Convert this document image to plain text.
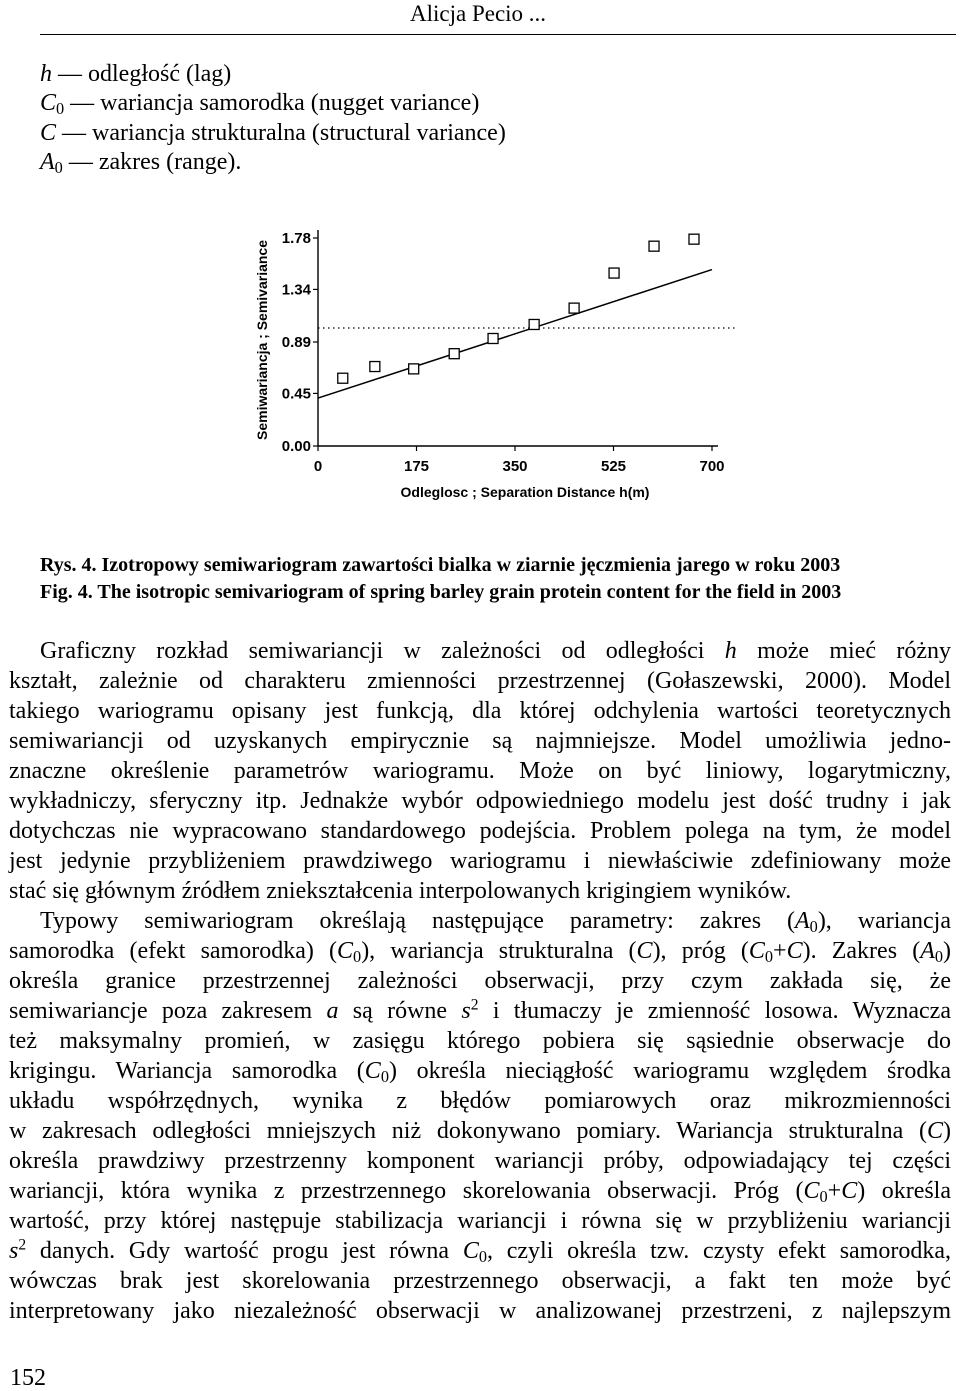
Alicja Pecio ...
h — odległość (lag)
$C_0$ — wariancja samorodka (nugget variance)
C — wariancja strukturalna (structural variance)
$A_0$ — zakres (range).
1.78
1.34
0.89
0.45
0.00
0	175	350	525	700
Odleglosc ; Separation Distance h(m)
Semiwariancja ; Semivariance
Rys. 4. Izotropowy semiwariogram zawartości bialka w ziarnie jęczmienia jarego w roku 2003
Fig. 4. The isotropic semivariogram of spring barley grain protein content for the field in 2003
Graficzny rozkład semiwariancji w zależności od odległości h może mieć różny
kształt, zależnie od charakteru zmienności przestrzennej (Gołaszewski, 2000). Model
takiego wariogramu opisany jest funkcją, dla której odchylenia wartości teoretycznych
semiwariancji od uzyskanych empirycznie są najmniejsze. Model umożliwia jedno-
znaczne określenie parametrów wariogramu. Może on być liniowy, logarytmiczny,
wykładniczy, sferyczny itp. Jednakże wybór odpowiedniego modelu jest dość trudny i jak
dotychczas nie wypracowano standardowego podejścia. Problem polega na tym, że model
jest jedynie przybliżeniem prawdziwego wariogramu i niewłaściwie zdefiniowany może
stać się głównym źródłem zniekształcenia interpolowanych krigingiem wyników.
Typowy semiwariogram określają następujące parametry: zakres $(A_0)$, wariancja
samorodka (efekt samorodka) $(C_0)$, wariancja strukturalna (C), próg $(C_0+C)$. Zakres $(A_0)$
określa granice przestrzennej zależności obserwacji, przy czym zakłada się, że
semiwariancje poza zakresem a są równe $s^2$ i tłumaczy je zmienność losowa. Wyznacza
też maksymalny promień, w zasięgu którego pobiera się sąsiednie obserwacje do
krigingu. Wariancja samorodka $(C_0)$ określa nieciągłość wariogramu względem środka
układu współrzędnych, wynika z błędów pomiarowych oraz mikrozmienności
w zakresach odległości mniejszych niż dokonywano pomiary. Wariancja strukturalna (C)
określa prawdziwy przestrzenny komponent wariancji próby, odpowiadający tej części
wariancji, która wynika z przestrzennego skorelowania obserwacji. Próg $(C_0+C)$ określa
wartość, przy której następuje stabilizacja wariancji i równa się w przybliżeniu wariancji
$s^2$ danych. Gdy wartość progu jest równa $C_0$, czyli określa tzw. czysty efekt samorodka,
wówczas brak jest skorelowania przestrzennego obserwacji, a fakt ten może być
interpretowany jako niezależność obserwacji w analizowanej przestrzeni, z najlepszym
152
